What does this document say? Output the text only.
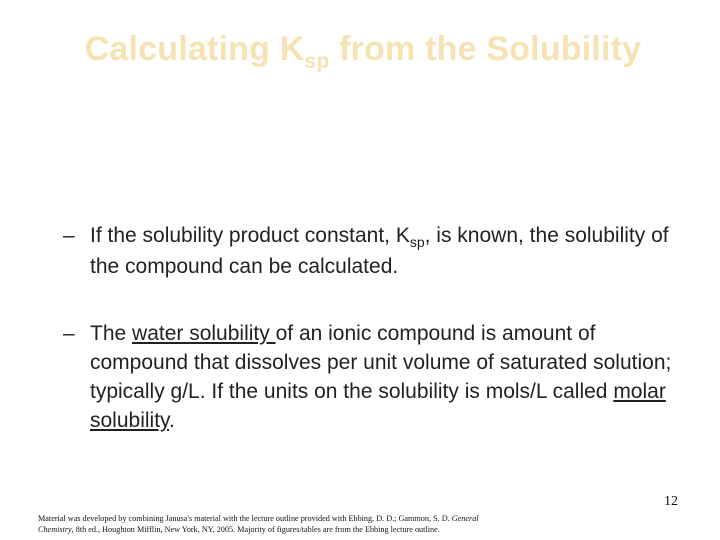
Calculating $K_{sp}$ from the Solubility
– If the solubility product constant, $K_{sp}$, is known, the solubility of the compound can be calculated.
– The water solubility of an ionic compound is amount of compound that dissolves per unit volume of saturated solution; typically g/L. If the units on the solubility is mols/L called molar solubility.
12
Material was developed by combining Janusa's material with the lecture outline provided with Ebbing, D. D.; Gammon, S. D. General
Chemistry, 8th ed., Houghton Mifflin, New York, NY, 2005. Majority of figures/tables are from the Ebbing lecture outline.
